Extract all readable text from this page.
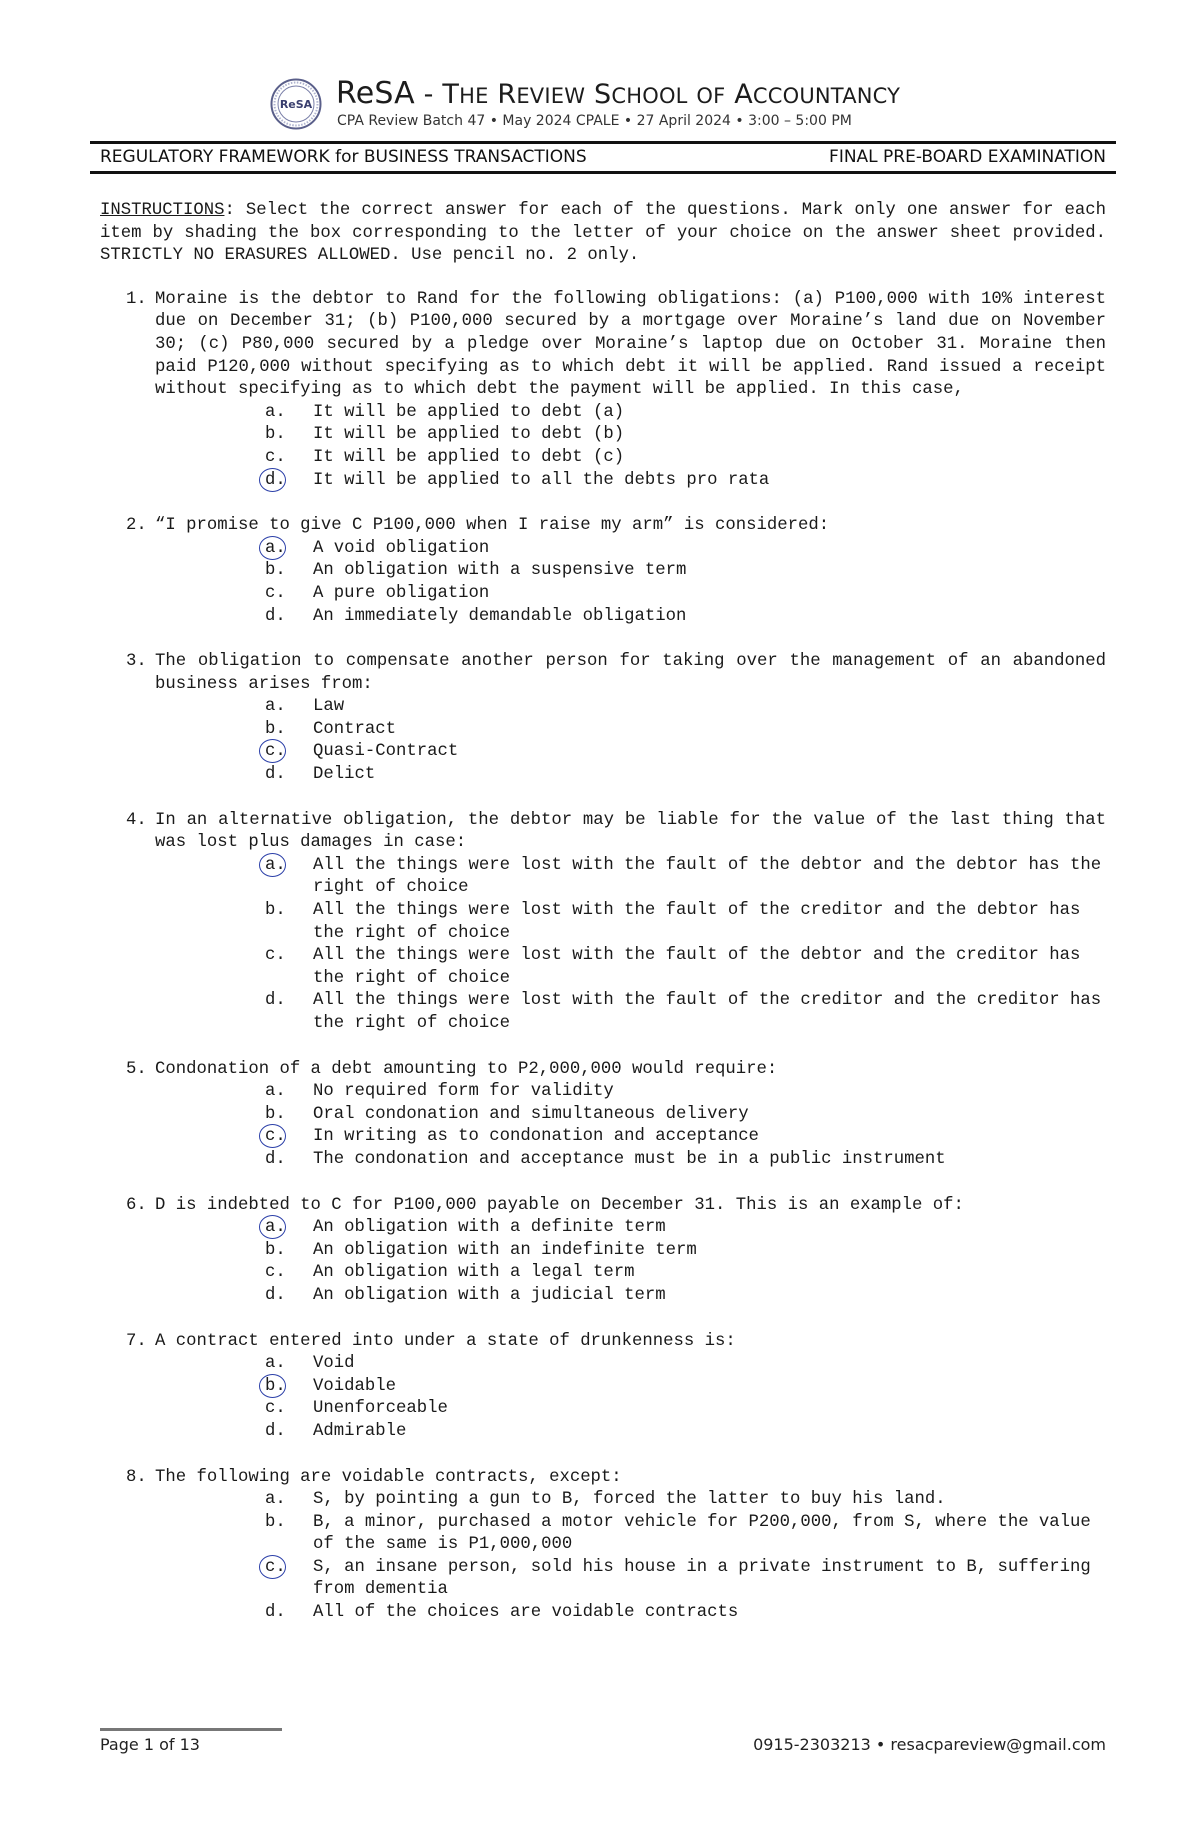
ReSA ReSA - THE REVIEW SCHOOL OF ACCOUNTANCY
CPA Review Batch 47 • May 2024 CPALE • 27 April 2024 • 3:00 – 5:00 PM
REGULATORY FRAMEWORK for BUSINESS TRANSACTIONS	FINAL PRE-BOARD EXAMINATION

INSTRUCTIONS: Select the correct answer for each of the questions. Mark only one answer for each item by shading the box corresponding to the letter of your choice on the answer sheet provided. STRICTLY NO ERASURES ALLOWED. Use pencil no. 2 only.

1. Moraine is the debtor to Rand for the following obligations: (a) P100,000 with 10% interest due on December 31; (b) P100,000 secured by a mortgage over Moraine’s land due on November 30; (c) P80,000 secured by a pledge over Moraine’s laptop due on October 31. Moraine then paid P120,000 without specifying as to which debt it will be applied. Rand issued a receipt without specifying as to which debt the payment will be applied. In this case,
a. It will be applied to debt (a)
b. It will be applied to debt (b)
c. It will be applied to debt (c)
d. It will be applied to all the debts pro rata
2. “I promise to give C P100,000 when I raise my arm” is considered:
a. A void obligation
b. An obligation with a suspensive term
c. A pure obligation
d. An immediately demandable obligation
3. The obligation to compensate another person for taking over the management of an abandoned business arises from:
a. Law
b. Contract
c. Quasi-Contract
d. Delict
4. In an alternative obligation, the debtor may be liable for the value of the last thing that was lost plus damages in case:
a. All the things were lost with the fault of the debtor and the debtor has the right of choice
b. All the things were lost with the fault of the creditor and the debtor has the right of choice
c. All the things were lost with the fault of the debtor and the creditor has the right of choice
d. All the things were lost with the fault of the creditor and the creditor has the right of choice
5. Condonation of a debt amounting to P2,000,000 would require:
a. No required form for validity
b. Oral condonation and simultaneous delivery
c. In writing as to condonation and acceptance
d. The condonation and acceptance must be in a public instrument
6. D is indebted to C for P100,000 payable on December 31. This is an example of:
a. An obligation with a definite term
b. An obligation with an indefinite term
c. An obligation with a legal term
d. An obligation with a judicial term
7. A contract entered into under a state of drunkenness is:
a. Void
b. Voidable
c. Unenforceable
d. Admirable
8. The following are voidable contracts, except:
a. S, by pointing a gun to B, forced the latter to buy his land.
b. B, a minor, purchased a motor vehicle for P200,000, from S, where the value of the same is P1,000,000
c. S, an insane person, sold his house in a private instrument to B, suffering from dementia
d. All of the choices are voidable contracts
Page 1 of 13	0915-2303213 • resacpareview@gmail.com
